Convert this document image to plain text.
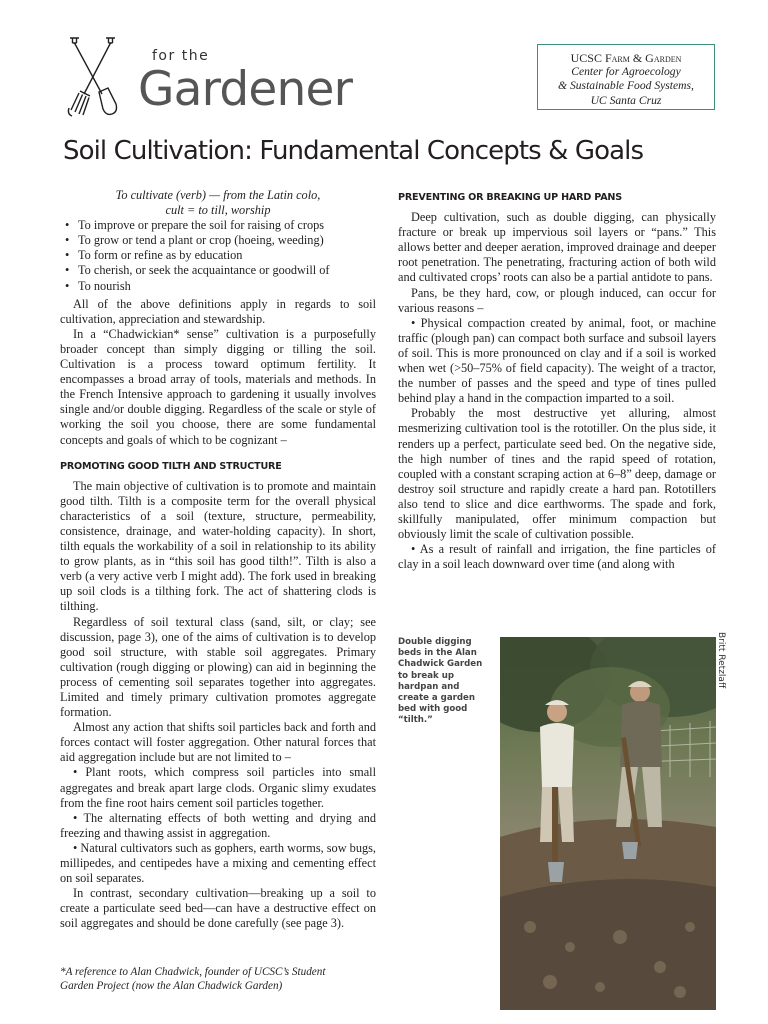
for the
Gardener
UCSC Farm & Garden
Center for Agroecology
& Sustainable Food Systems,
UC Santa Cruz
Soil Cultivation: Fundamental Concepts & Goals

To cultivate (verb) — from the Latin colo,

cult = to till, worship

• To improve or prepare the soil for raising of crops
• To grow or tend a plant or crop (hoeing, weeding)
• To form or refine as by education
• To cherish, or seek the acquaintance or goodwill of
• To nourish

All of the above definitions apply in regards to soil cultivation, appreciation and stewardship.

In a “Chadwickian* sense” cultivation is a purposefully broader concept than simply digging or tilling the soil. Cultivation is a process toward optimum fertility. It encompasses a broad array of tools, materials and methods. In the French Intensive approach to gardening it usually involves single and/or double digging. Regardless of the scale or style of working the soil you choose, there are some fundamental concepts and goals of which to be cognizant –

PROMOTING GOOD TILTH AND STRUCTURE

The main objective of cultivation is to promote and maintain good tilth. Tilth is a composite term for the overall physical characteristics of a soil (texture, structure, permeability, consistence, drainage, and water-holding capacity). In short, tilth equals the workability of a soil in relationship to its ability to grow plants, as in “this soil has good tilth!”. Tilth is also a verb (a very active verb I might add). The fork used in breaking up soil clods is a tilthing fork. The act of shattering clods is tilthing.

Regardless of soil textural class (sand, silt, or clay; see discussion, page 3), one of the aims of cultivation is to develop good soil structure, with stable soil aggregates. Primary cultivation (rough digging or plowing) can aid in beginning the process of cementing soil separates together into aggregates. Limited and timely primary cultivation promotes aggregate formation.

Almost any action that shifts soil particles back and forth and forces contact will foster aggregation. Other natural forces that aid aggregation include but are not limited to –

• Plant roots, which compress soil particles into small aggregates and break apart large clods. Organic slimy exudates from the fine root hairs cement soil particles together.

• The alternating effects of both wetting and drying and freezing and thawing assist in aggregation.

• Natural cultivators such as gophers, earth worms, sow bugs, millipedes, and centipedes have a mixing and cementing effect on soil separates.

In contrast, secondary cultivation—breaking up a soil to create a particulate seed bed—can have a destructive effect on soil aggregates and should be done carefully (see page 3).

*A reference to Alan Chadwick, founder of UCSC’s Student
Garden Project (now the Alan Chadwick Garden)
PREVENTING OR BREAKING UP HARD PANS

Deep cultivation, such as double digging, can physically fracture or break up impervious soil layers or “pans.” This allows better and deeper aeration, improved drainage and deeper root penetration. The penetrating, fracturing action of both wild and cultivated crops’ roots can also be a partial antidote to pans.

Pans, be they hard, cow, or plough induced, can occur for various reasons –

• Physical compaction created by animal, foot, or machine traffic (plough pan) can compact both surface and subsoil layers of soil. This is more pronounced on clay and if a soil is worked when wet (>50–75% of field capacity). The weight of a tractor, the number of passes and the speed and type of tines pulled behind play a hand in the compaction imparted to a soil.

Probably the most destructive yet alluring, almost mesmerizing cultivation tool is the rototiller. On the plus side, it renders up a perfect, particulate seed bed. On the negative side, the high number of tines and the rapid speed of rotation, coupled with a constant scraping action at 6–8” deep, damage or destroy soil structure and rapidly create a hard pan. Rototillers also tend to slice and dice earthworms. The spade and fork, skillfully manipulated, offer minimum compaction but obviously limit the scale of cultivation possible.

• As a result of rainfall and irrigation, the fine particles of clay in a soil leach downward over time (and along with

Double digging beds in the Alan Chadwick Garden to break up hardpan and create a garden bed with good “tilth.”
Britt Retzlaff
